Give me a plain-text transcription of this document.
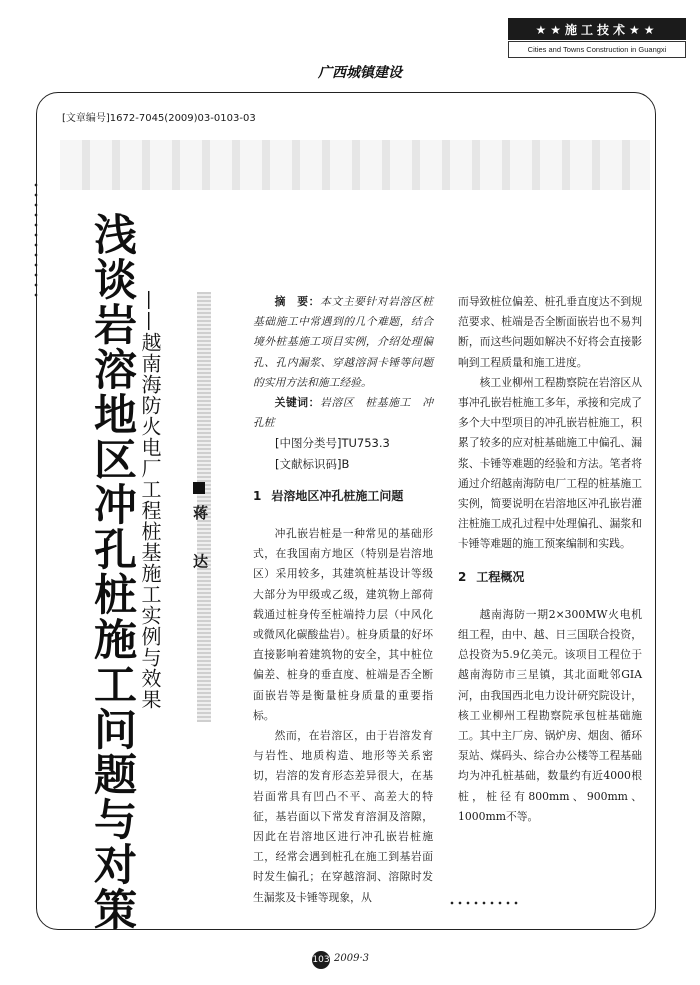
★★施工技术★★
Cities and Towns Construction in Guangxi
广西城镇建设
[文章编号]1672-7045(2009)03-0103-03
浅谈岩溶地区冲孔桩施工问题与对策 ——越南海防火电厂工程桩基施工实例与效果 蒋 达

摘　要：本文主要针对岩溶区桩基础施工中常遇到的几个难题，结合境外桩基施工项目实例，介绍处理偏孔、孔内漏浆、穿越溶洞卡锤等问题的实用方法和施工经验。

关键词：岩溶区　桩基施工　冲孔桩

[中图分类号]TU753.3

[文献标识码]B

1 岩溶地区冲孔桩施工问题

冲孔嵌岩桩是一种常见的基础形式，在我国南方地区（特别是岩溶地区）采用较多，其建筑桩基设计等级大部分为甲级或乙级，建筑物上部荷载通过桩身传至桩端持力层（中风化或微风化碳酸盐岩）。桩身质量的好坏直接影响着建筑物的安全，其中桩位偏差、桩身的垂直度、桩端是否全断面嵌岩等是衡量桩身质量的重要指标。

然而，在岩溶区，由于岩溶发育与岩性、地质构造、地形等关系密切，岩溶的发育形态差异很大，在基岩面常具有凹凸不平、高差大的特征，基岩面以下常发育溶洞及溶隙，因此在岩溶地区进行冲孔嵌岩桩施工，经常会遇到桩孔在施工到基岩面时发生偏孔；在穿越溶洞、溶隙时发生漏浆及卡锤等现象，从

而导致桩位偏差、桩孔垂直度达不到规范要求、桩端是否全断面嵌岩也不易判断，而这些问题如解决不好将会直接影响到工程质量和施工进度。

核工业柳州工程勘察院在岩溶区从事冲孔嵌岩桩施工多年，承接和完成了多个大中型项目的冲孔嵌岩桩施工，积累了较多的应对桩基础施工中偏孔、漏浆、卡锤等难题的经验和方法。笔者将通过介绍越南海防电厂工程的桩基施工实例，简要说明在岩溶地区冲孔嵌岩灌注桩施工成孔过程中处理偏孔、漏浆和卡锤等难题的施工预案编制和实践。

2 工程概况

越南海防一期2×300MW火电机组工程，由中、越、日三国联合投资，总投资为5.9亿美元。该项目工程位于越南海防市三星镇，其北面毗邻GIA河，由我国西北电力设计研究院设计，核工业柳州工程勘察院承包桩基础施工。其中主厂房、锅炉房、烟囱、循环泵站、煤码头、综合办公楼等工程基础均为冲孔桩基础，数量约有近4000根桩，桩径有800mm、900mm、1000mm不等。

103 2009·3
